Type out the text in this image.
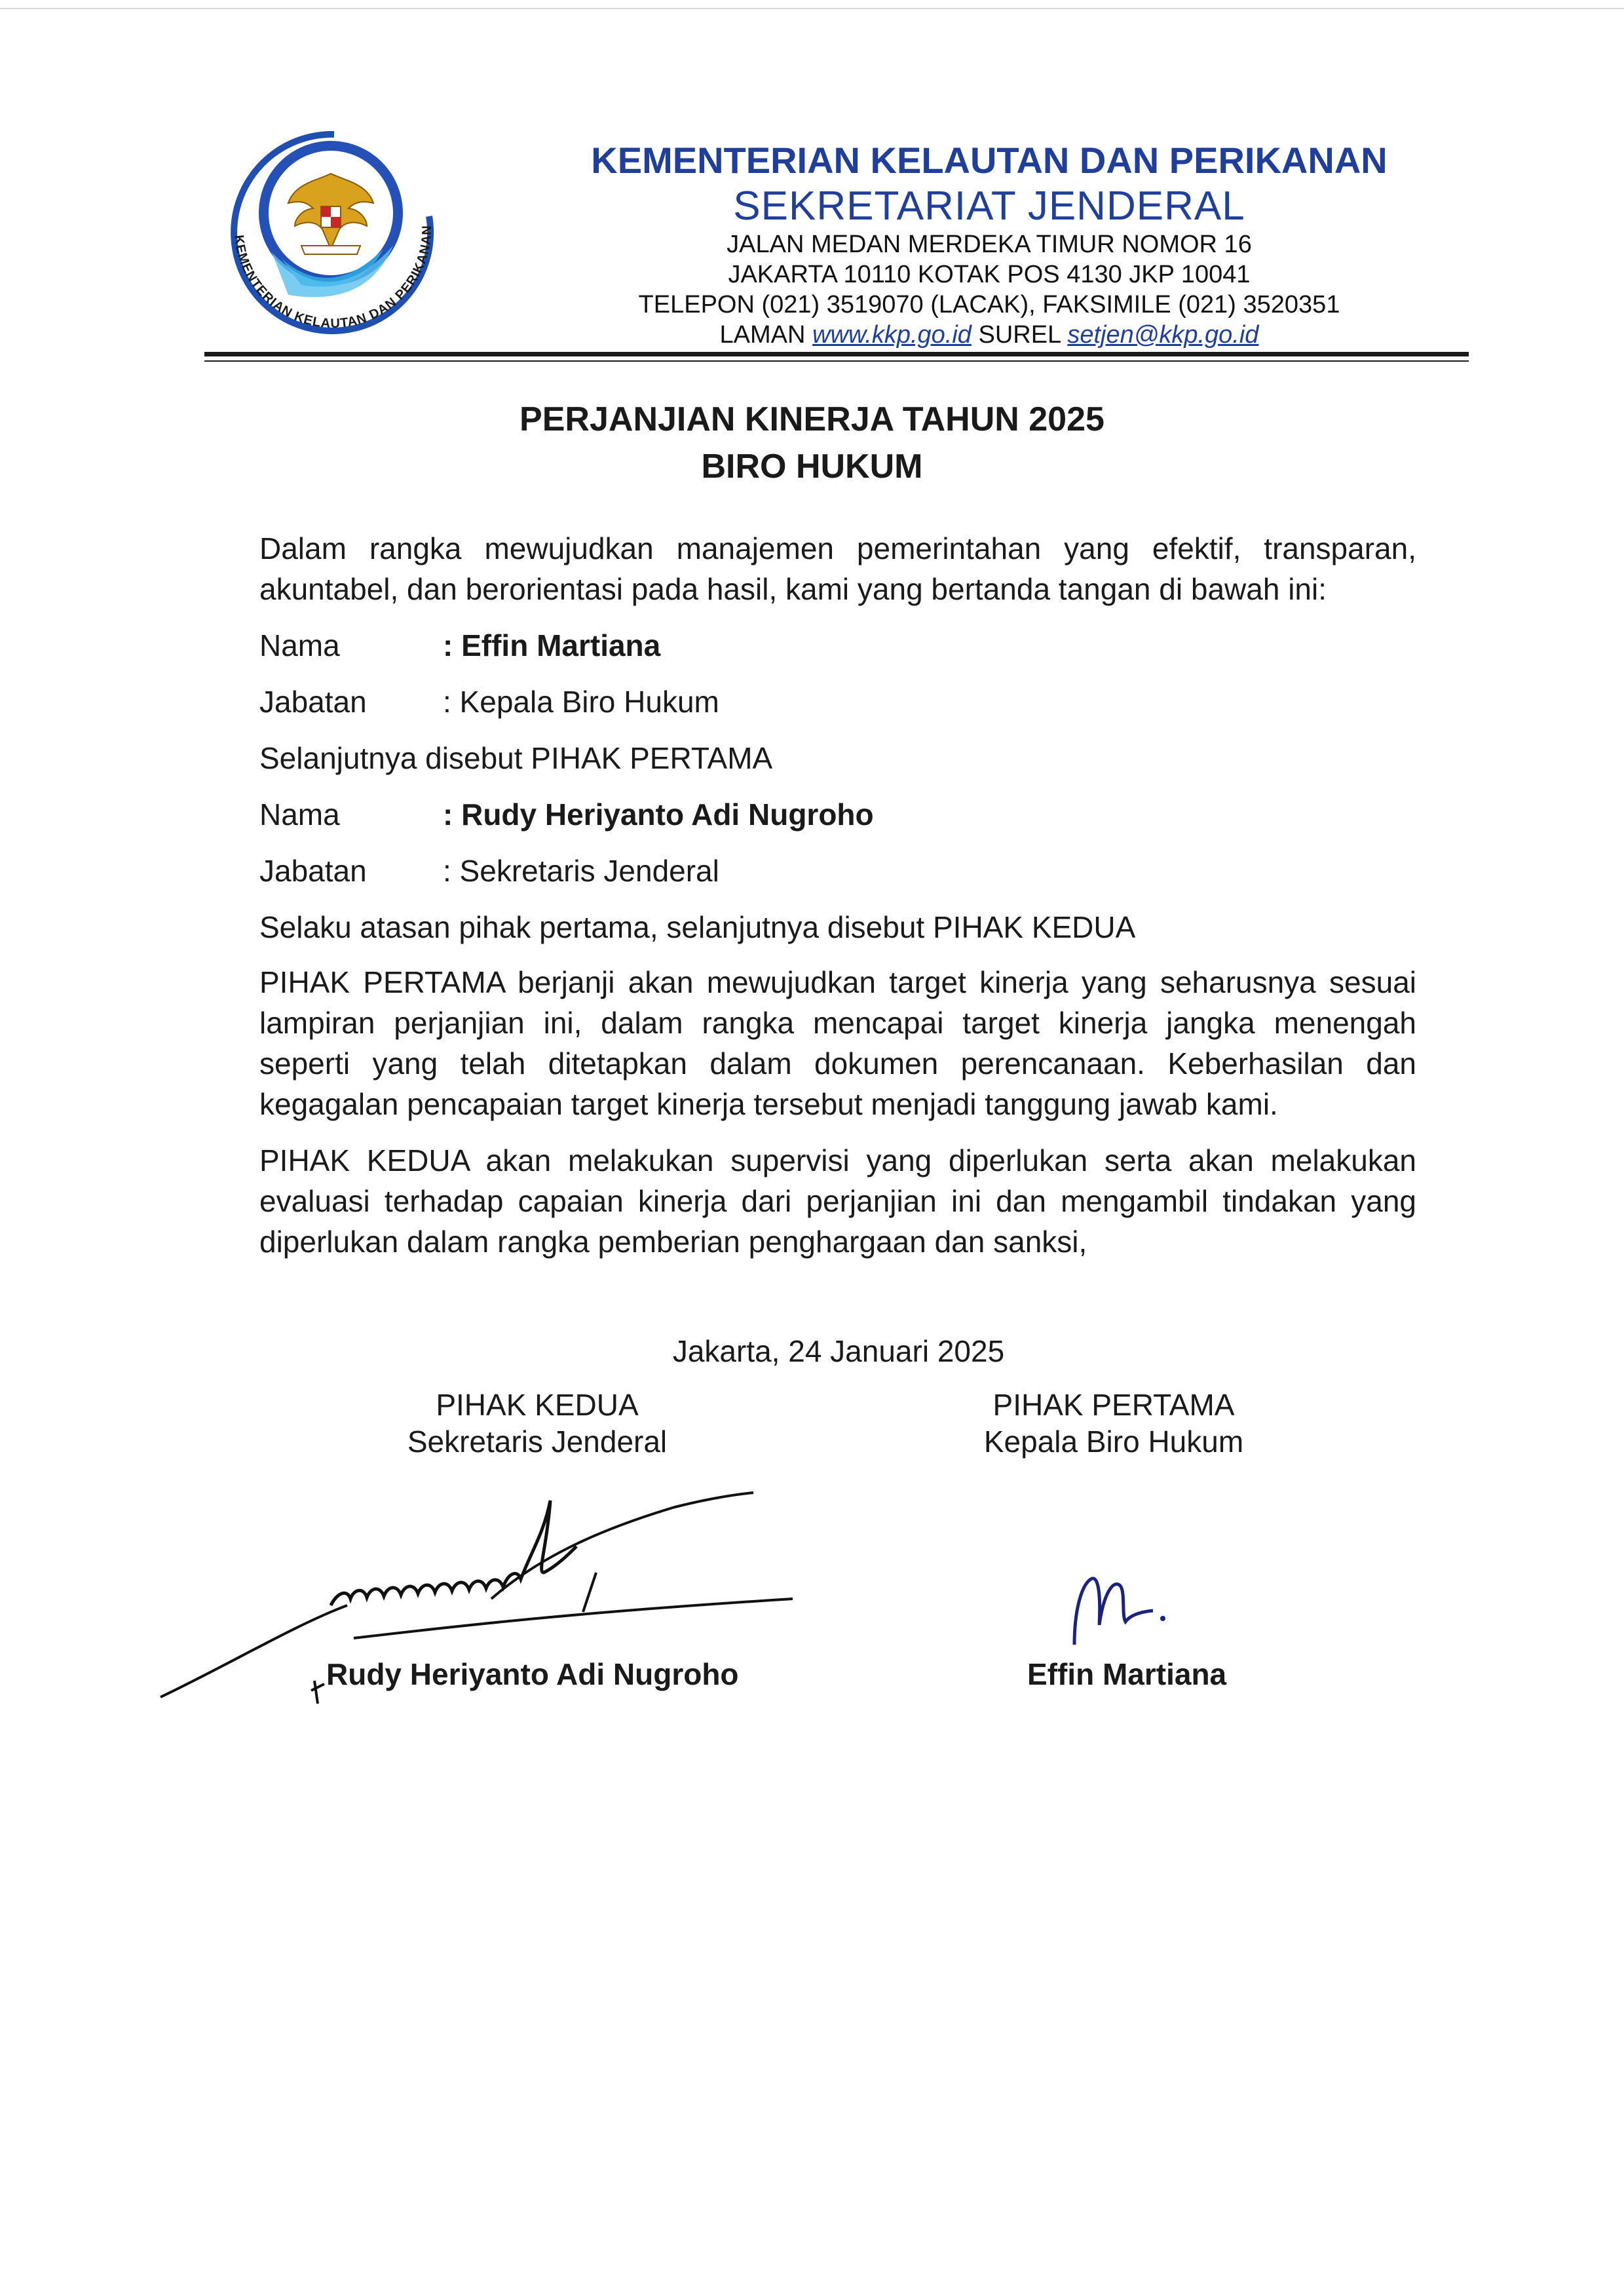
KEMENTERIAN KELAUTAN DAN PERIKANAN
KEMENTERIAN KELAUTAN DAN PERIKANAN
SEKRETARIAT JENDERAL
JALAN MEDAN MERDEKA TIMUR NOMOR 16
JAKARTA 10110 KOTAK POS 4130 JKP 10041
TELEPON (021) 3519070 (LACAK), FAKSIMILE (021) 3520351
LAMAN www.kkp.go.id SUREL setjen@kkp.go.id
PERJANJIAN KINERJA TAHUN 2025
BIRO HUKUM

Dalam rangka mewujudkan manajemen pemerintahan yang efektif, transparan, akuntabel, dan berorientasi pada hasil, kami yang bertanda tangan di bawah ini:

Nama	: Effin Martiana
Jabatan	: Kepala Biro Hukum
Selanjutnya disebut PIHAK PERTAMA
Nama	: Rudy Heriyanto Adi Nugroho
Jabatan	: Sekretaris Jenderal
Selaku atasan pihak pertama, selanjutnya disebut PIHAK KEDUA

PIHAK PERTAMA berjanji akan mewujudkan target kinerja yang seharusnya sesuai lampiran perjanjian ini, dalam rangka mencapai target kinerja jangka menengah seperti yang telah ditetapkan dalam dokumen perencanaan. Keberhasilan dan kegagalan pencapaian target kinerja tersebut menjadi tanggung jawab kami.

PIHAK KEDUA akan melakukan supervisi yang diperlukan serta akan melakukan evaluasi terhadap capaian kinerja dari perjanjian ini dan mengambil tindakan yang diperlukan dalam rangka pemberian penghargaan dan sanksi,

Jakarta, 24 Januari 2025
PIHAK KEDUA
Sekretaris Jenderal
PIHAK PERTAMA
Kepala Biro Hukum
Rudy Heriyanto Adi Nugroho	Effin Martiana
